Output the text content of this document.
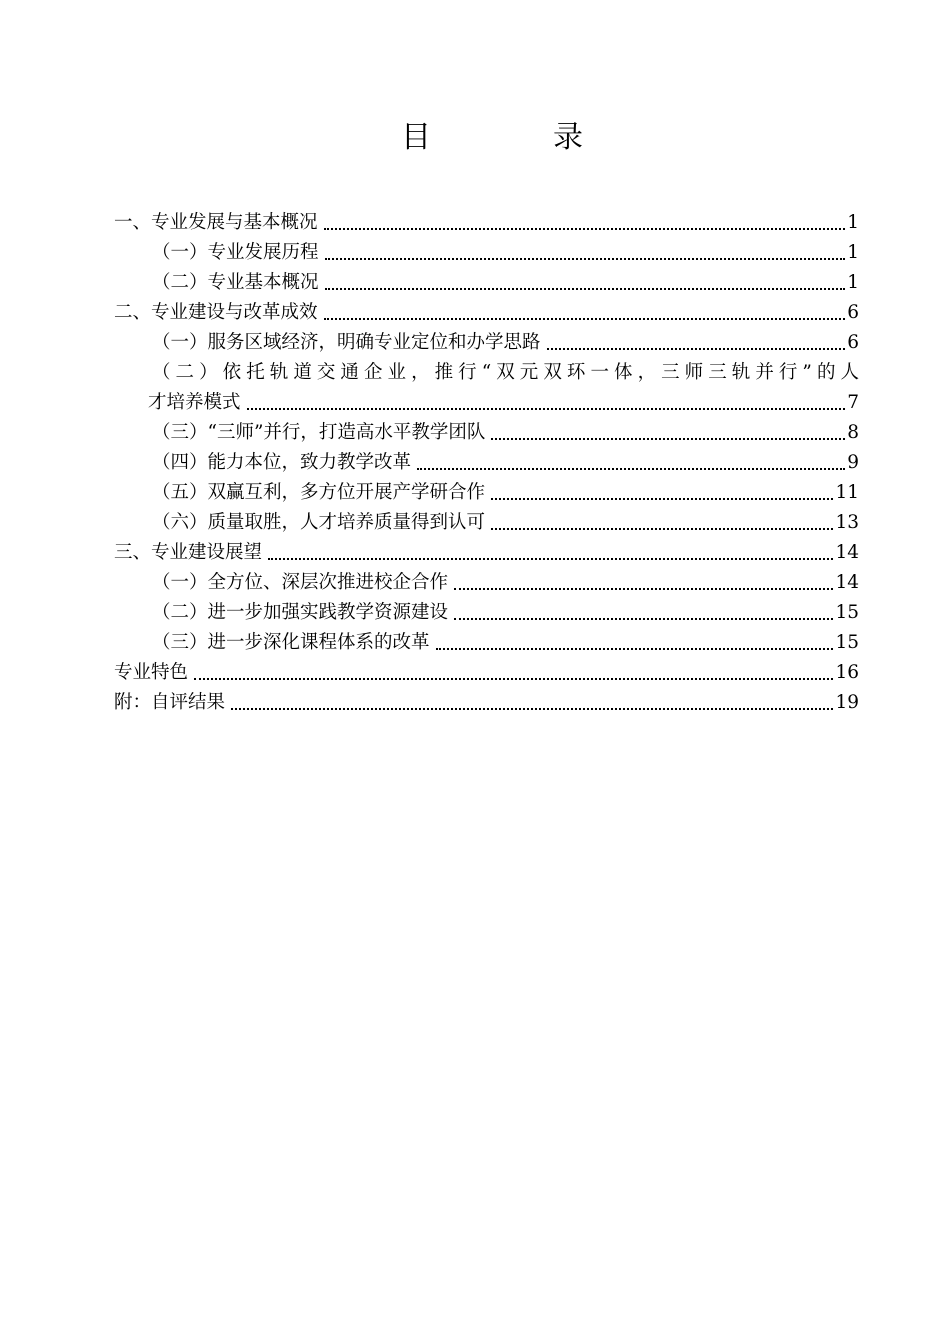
目　录
一、专业发展与基本概况	1
（一）专业发展历程	1
（二）专业基本概况	1
二、专业建设与改革成效	6
（一）服务区域经济，明确专业定位和办学思路	6
（二）依托轨道交通企业，推行“双元双环一体，三师三轨并行”的人
才培养模式	7
（三）“三师”并行，打造高水平教学团队	8
（四）能力本位，致力教学改革	9
（五）双赢互利，多方位开展产学研合作	11
（六）质量取胜，人才培养质量得到认可	13
三、专业建设展望	14
（一）全方位、深层次推进校企合作	14
（二）进一步加强实践教学资源建设	15
（三）进一步深化课程体系的改革	15
专业特色	16
附：自评结果	19
